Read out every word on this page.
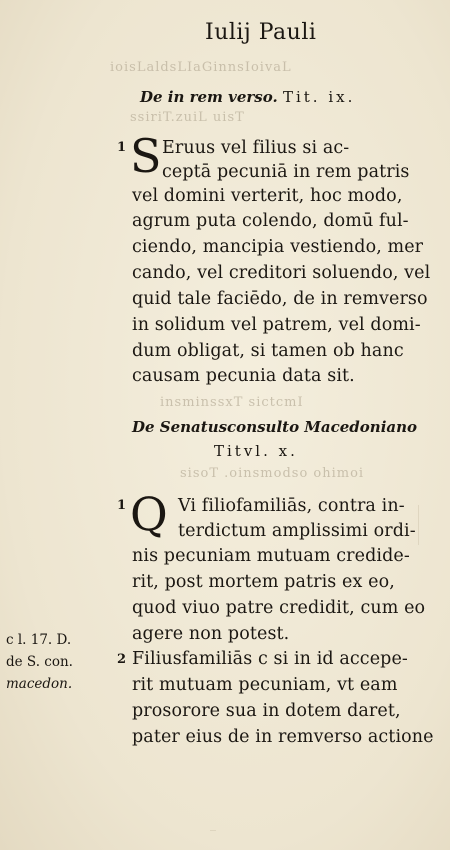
Iulij Pauli
ioisLaldsLIaGinnsIoivaL
De in rem verso. Tit. ix.
ssiriT.zuiL uisT
1 S Eruus vel filius si ac-
ceptā pecuniā in rem patris
vel domini verterit, hoc modo,
agrum puta colendo, domū ful-
ciendo, mancipia vestiendo, mer
cando, vel creditori soluendo, vel
quid tale faciēdo, de in remverso
in solidum vel patrem, vel domi-
dum obligat, si tamen ob hanc
causam pecunia data sit.
insminssxT sictcmI
De Senatusconsulto Macedoniano
Titvl. x.
sisoT .oinsmodso ohimoi
1 Q Vi filiofamiliās, contra in-
terdictum amplissimi ordi-
nis pecuniam mutuam credide-
rit, post mortem patris ex eo,
quod viuo patre credidit, cum eo
agere non potest.
2 Filiusfamiliās c si in id accepe-
rit mutuam pecuniam, vt eam
prosorore sua in dotem daret,
pater eius de in remverso actione
c l. 17. D.
de S. con.
macedon.
